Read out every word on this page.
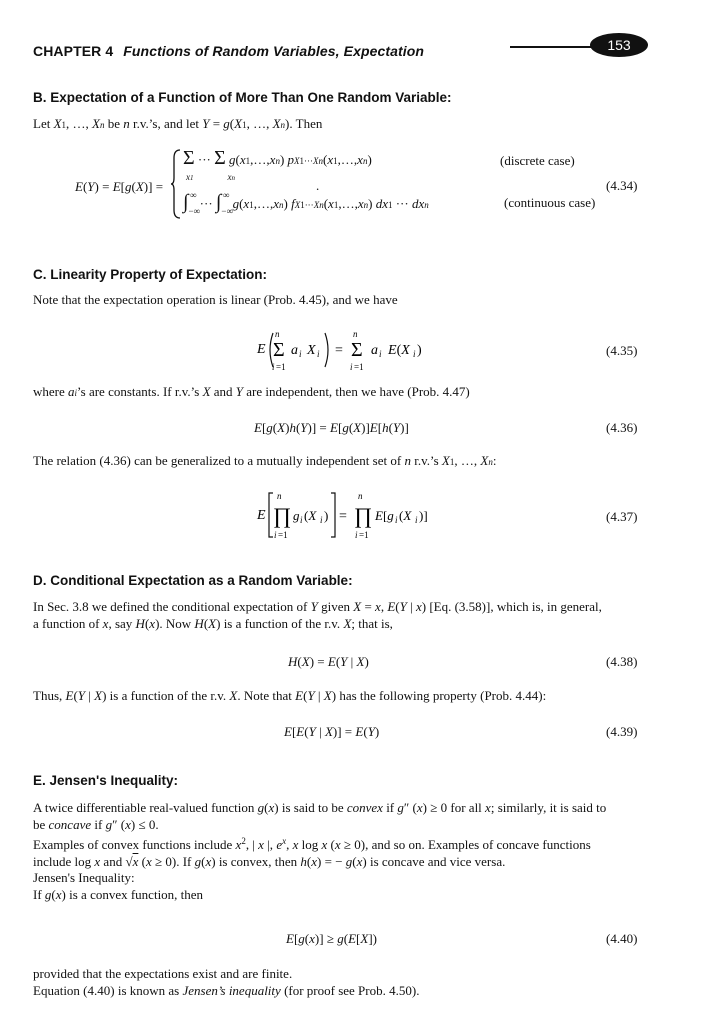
CHAPTER 4 Functions of Random Variables, Expectation	153
B. Expectation of a Function of More Than One Random Variable:
Let X1, …, Xn be n r.v.’s, and let Y = g(X1, …, Xn). Then
E(Y) = E[g(X)] =
Σ ··· Σ g(x1,…,xn) pX1···Xn(x1,…,xn)
x1	xn	.
$\int_{-\infty}^\infty$ ··· $\int_{-\infty}^\infty$ g(x1,…,xn) fX1···Xn(x1,…,xn) dx1 ··· dxn
(discrete case)
(continuous case)
(4.34)
C. Linearity Property of Expectation:
Note that the expectation operation is linear (Prob. 4.45), and we have
E
n
Σ
i =1
a i X i =
n
Σ
i =1
a i E(X i )	(4.35)
where ai’s are constants. If r.v.’s X and Y are independent, then we have (Prob. 4.47)
E[g(X)h(Y)] = E[g(X)]E[h(Y)]	(4.36)
The relation (4.36) can be generalized to a mutually independent set of n r.v.’s X1, …, Xn:
E
n
∏
i =1
g i (X i ) =
n
∏
i =1
E[g i (X i )]	(4.37)
D. Conditional Expectation as a Random Variable:
In Sec. 3.8 we defined the conditional expectation of Y given X = x, E(Y | x) [Eq. (3.58)], which is, in general,
a function of x, say H(x). Now H(X) is a function of the r.v. X; that is,
H(X) = E(Y | X)	(4.38)
Thus, E(Y | X) is a function of the r.v. X. Note that E(Y | X) has the following property (Prob. 4.44):
E[E(Y | X)] = E(Y)	(4.39)
E. Jensen's Inequality:
A twice differentiable real-valued function g(x) is said to be convex if g″ (x) ≥ 0 for all x; similarly, it is said to
be concave if g″ (x) ≤ 0.
Examples of convex functions include $x^2$, | x |, $e^x$, x log x (x ≥ 0), and so on. Examples of concave functions
include log x and √x (x ≥ 0). If g(x) is convex, then h(x) = − g(x) is concave and vice versa.
Jensen's Inequality:
If g(x) is a convex function, then
E[g(x)] ≥ g(E[X])	(4.40)
provided that the expectations exist and are finite.
Equation (4.40) is known as Jensen’s inequality (for proof see Prob. 4.50).
